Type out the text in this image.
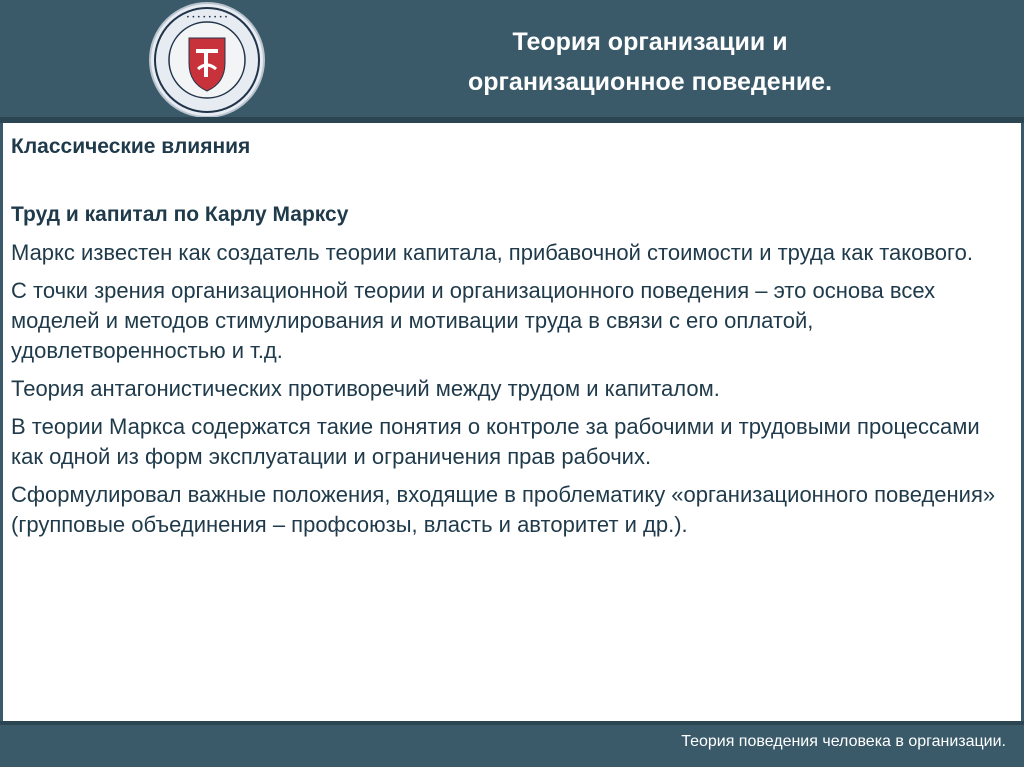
• • • • • • • •
Теория организации и
организационное поведение.
Классические влияния
Труд и капитал по Карлу Марксу

Маркс известен как создатель теории капитала, прибавочной стоимости и труда как такового.

С точки зрения организационной теории и организационного поведения – это основа всех моделей и методов стимулирования и мотивации труда в связи с его оплатой, удовлетворенностью и т.д.

Теория антагонистических противоречий между трудом и капиталом.

В теории Маркса содержатся такие понятия о контроле за рабочими и трудовыми процессами как одной из форм эксплуатации и ограничения прав рабочих.

Сформулировал важные положения, входящие в проблематику «организационного поведения» (групповые объединения – профсоюзы, власть и авторитет и др.).

Теория поведения человека в организации.
